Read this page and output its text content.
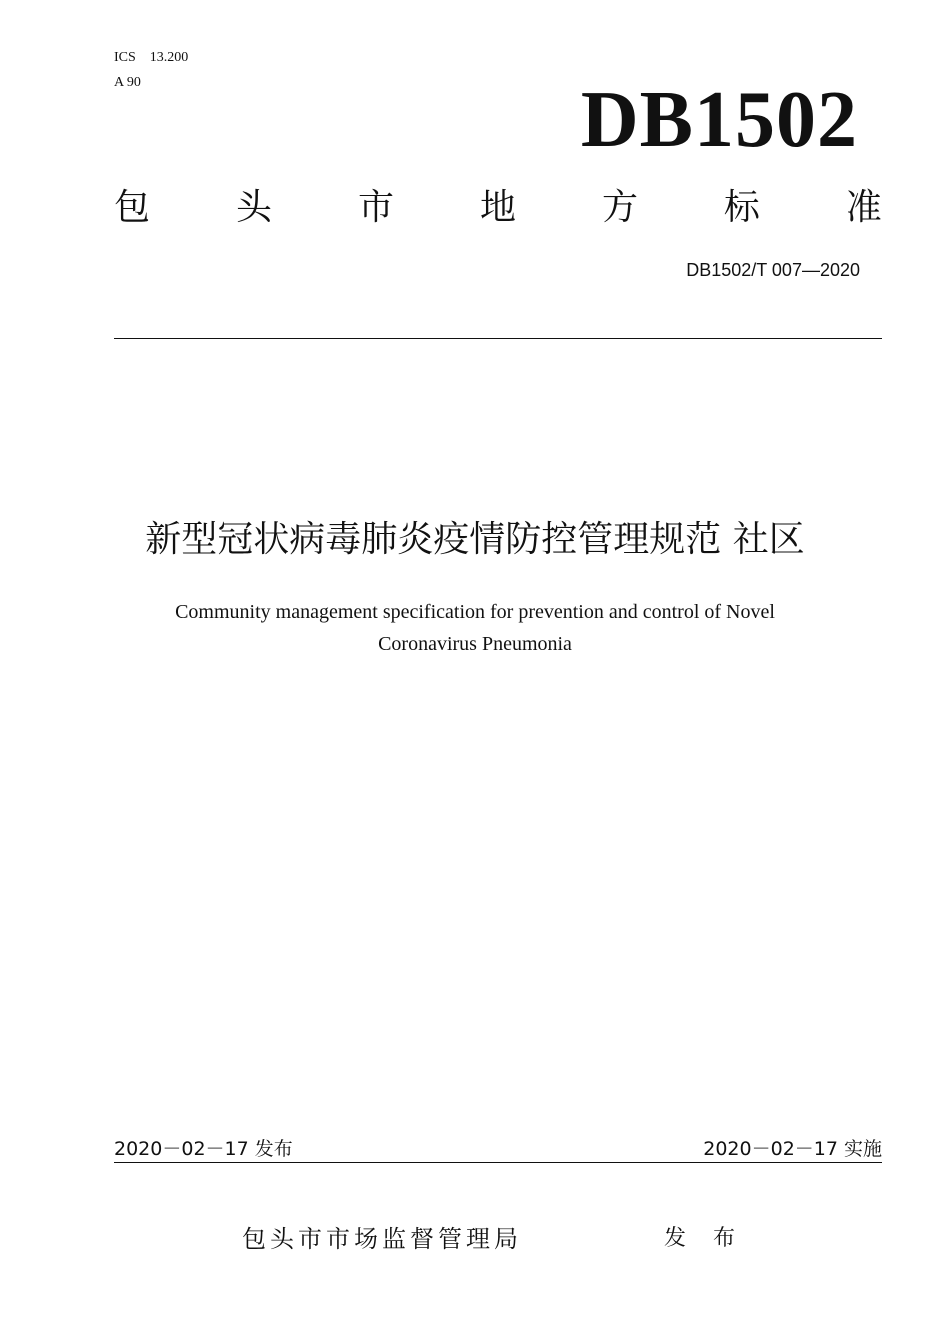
ICS　13.200
A 90	DB1502
包 头 市 地 方 标 准
DB1502/T 007—2020
新型冠状病毒肺炎疫情防控管理规范 社区
Community management specification for prevention and control of Novel
Coronavirus Pneumonia
2020－02－17 发布	2020－02－17 实施
包头市市场监督管理局	发 布
